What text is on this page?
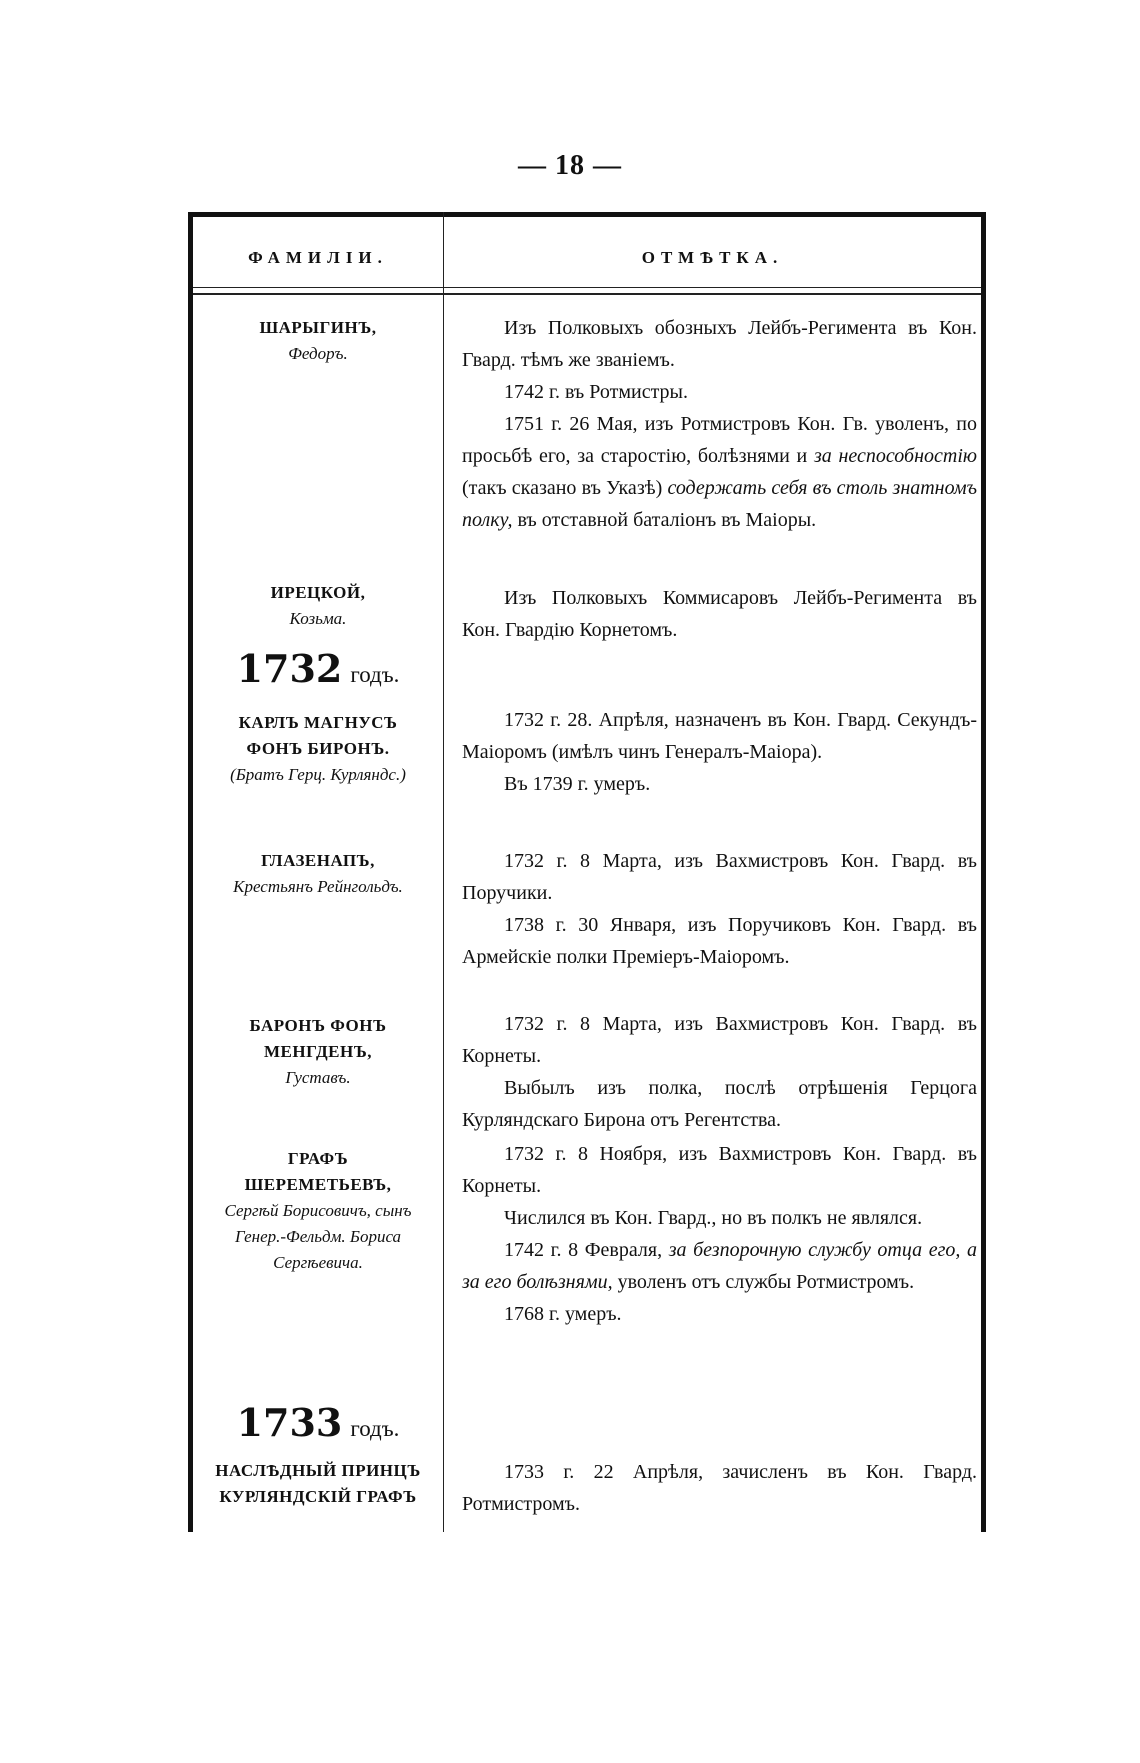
— 18 —
ФАМИЛІИ.	ОТМѢТКА.
ШАРЫГИНЪ,
Федоръ.

Изъ Полковыхъ обозныхъ Лейбъ-Регимента въ Кон. Гвард. тѣмъ же званіемъ.

1742 г. въ Ротмистры.

1751 г. 26 Мая, изъ Ротмистровъ Кон. Гв. уволенъ, по просьбѣ его, за старостію, болѣзнями и за неспособностію (такъ сказано въ Указѣ) содержать себя въ столь знатномъ полку, въ отставной баталіонъ въ Маіоры.

ИРЕЦКОЙ,
Козьма.

Изъ Полковыхъ Коммисаровъ Лейбъ-Регимента въ Кон. Гвардію Корнетомъ.

1732 годъ.
КАРЛЪ МАГНУСЪ
ФОНЪ БИРОНЪ.
(Братъ Герц. Курляндс.)

1732 г. 28. Апрѣля, назначенъ въ Кон. Гвард. Секундъ-Маіоромъ (имѣлъ чинъ Генералъ-Маіора).

Въ 1739 г. умеръ.

ГЛАЗЕНАПЪ,
Крестьянъ Рейнгольдъ.

1732 г. 8 Марта, изъ Вахмистровъ Кон. Гвард. въ Поручики.

1738 г. 30 Января, изъ Поручиковъ Кон. Гвард. въ Армейскіе полки Преміеръ-Маіоромъ.

БАРОНЪ ФОНЪ
МЕНГДЕНЪ,
Густавъ.

1732 г. 8 Марта, изъ Вахмистровъ Кон. Гвард. въ Корнеты.

Выбылъ изъ полка, послѣ отрѣшенія Герцога Курляндскаго Бирона отъ Регентства.

ГРАФЪ
ШЕРЕМЕТЬЕВЪ,
Сергѣй Борисовичъ, сынъ
Генер.-Фельдм. Бориса
Сергѣевича.

1732 г. 8 Ноября, изъ Вахмистровъ Кон. Гвард. въ Корнеты.

Числился въ Кон. Гвард., но въ полкъ не являлся.

1742 г. 8 Февраля, за безпорочную службу отца его, а за его болѣзнями, уволенъ отъ службы Ротмистромъ.

1768 г. умеръ.

1733 годъ.
НАСЛѢДНЫЙ ПРИНЦЪ
КУРЛЯНДСКІЙ ГРАФЪ

1733 г. 22 Апрѣля, зачисленъ въ Кон. Гвард. Ротмистромъ.
